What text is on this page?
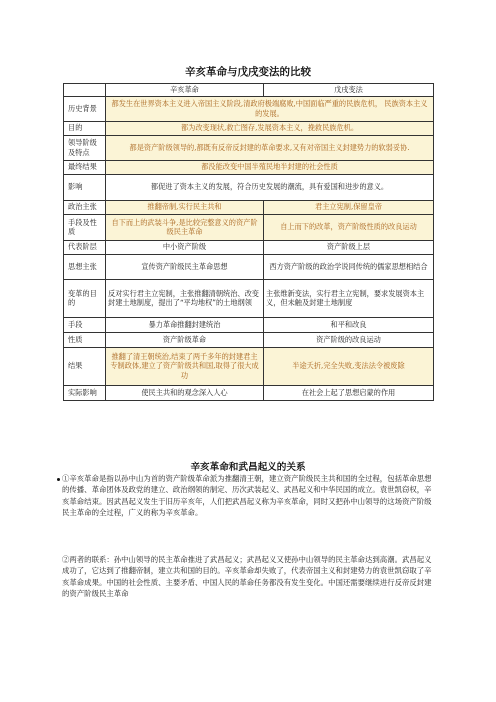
辛亥革命与戊戌变法的比较
	辛亥革命	戊戌变法
历史背景	都发生在世界资本主义进入帝国主义阶段,清政府极端腐败,中国面临严重的民族危机， 民族资本主义的发展。	
目的	都为改变现状,救亡图存,发展资本主义，挽救民族危机。	
领导阶级及特点	都是资产阶级领导的,都既有反帝反封建的革命要求,又有对帝国主义封建势力的软弱妥协.	
最终结果	都没能改变中国半殖民地半封建的社会性质	
影响	都促进了资本主义的发展，符合历史发展的潮流，具有爱国和进步的意义。	
政治主张	推翻帝制,实行民主共和	君主立宪制,保留皇帝
手段及性质	自下而上的武装斗争,是比较完整意义的资产阶级民主革命	自上而下的改革，资产阶级性质的改良运动
代表阶层	中小资产阶级	资产阶级上层
思想主张	宣传资产阶级民主革命思想	西方资产阶级的政治学说同传统的儒家思想相结合
变革的目的	反对实行君主立宪制，主张推翻清朝统治、改变封建土地制度，提出了“平均地权”的土地纲领	主张维新变法，实行君主立宪制，要求发展资本主义，但未触及封建土地制度
手段	暴力革命推翻封建统治	和平和改良
性质	资产阶级革命	资产阶级的改良运动
结果	推翻了清王朝统治,结束了两千多年的封建君主专制政体,建立了资产阶级共和国,取得了很大成功	半途夭折,完全失败,变法法令被废除
实际影响	使民主共和的观念深入人心	在社会上起了思想启蒙的作用
辛亥革命和武昌起义的关系
①辛亥革命是指以孙中山为首的资产阶级革命派为推翻清王朝，建立资产阶级民主共和国的全过程，包括革命思想的传播、革命团体及政党的建立、政治纲领的制定、历次武装起义、武昌起义和中华民国的成立。袁世凯窃权，辛亥革命结束。因武昌起义发生于旧历辛亥年，人们把武昌起义称为辛亥革命，同时又把孙中山领导的这场资产阶级民主革命的全过程，广义的称为辛亥革命。
②两者的联系：孙中山领导的民主革命推进了武昌起义；武昌起义又使孙中山领导的民主革命达到高潮。武昌起义成功了，它达到了推翻帝制，建立共和国的目的。辛亥革命却失败了，代表帝国主义和封建势力的袁世凯窃取了辛亥革命成果。中国的社会性质、主要矛盾、中国人民的革命任务都没有发生变化。中国还需要继续进行反帝反封建的资产阶级民主革命
